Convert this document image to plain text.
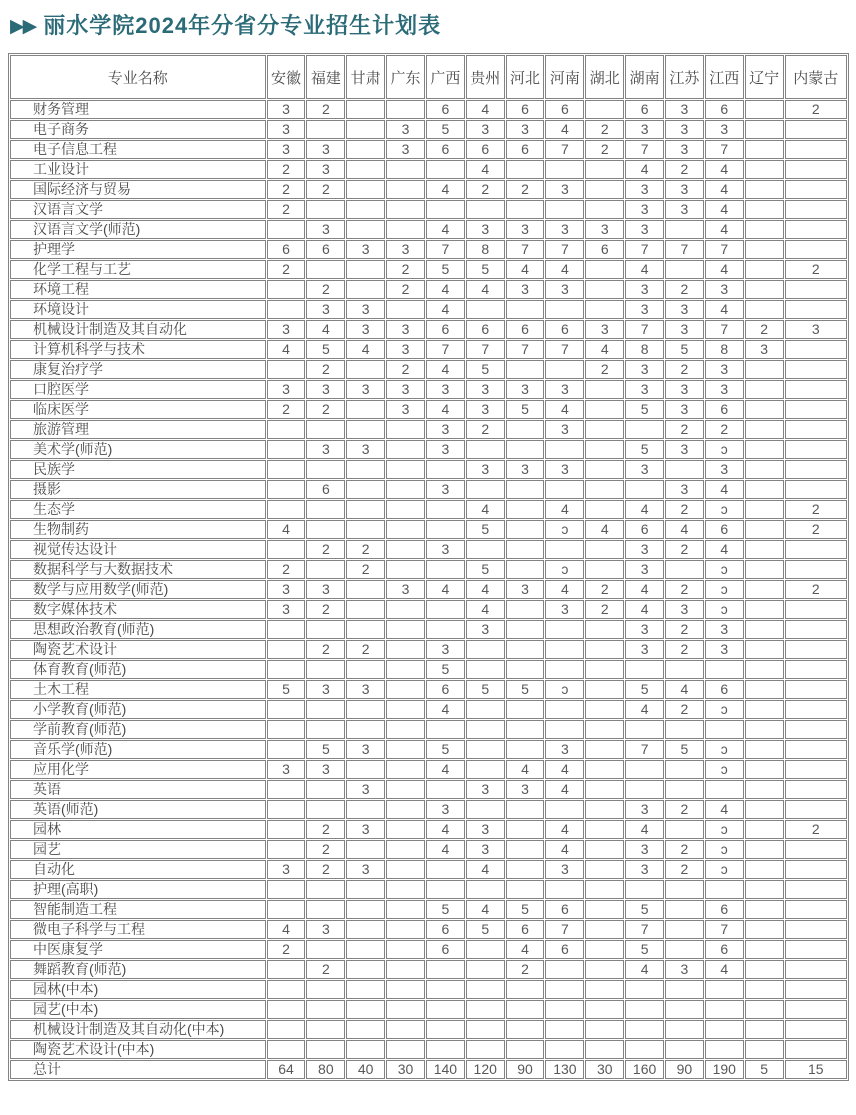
▶▶ 丽水学院2024年分省分专业招生计划表
专业名称	安徽	福建	甘肃	广东	广西	贵州	河北	河南	湖北	湖南	江苏	江西	辽宁	内蒙古
财务管理	3	2			6	4	6	6		6	3	6		2
电子商务	3			3	5	3	3	4	2	3	3	3		
电子信息工程	3	3		3	6	6	6	7	2	7	3	7		
工业设计	2	3				4				4	2	4		
国际经济与贸易	2	2			4	2	2	3		3	3	4		
汉语言文学	2									3	3	4		
汉语言文学(师范)		3			4	3	3	3	3	3		4		
护理学	6	6	3	3	7	8	7	7	6	7	7	7		
化学工程与工艺	2			2	5	5	4	4		4		4		2
环境工程		2		2	4	4	3	3		3	2	3		
环境设计		3	3		4					3	3	4		
机械设计制造及其自动化	3	4	3	3	6	6	6	6	3	7	3	7	2	3
计算机科学与技术	4	5	4	3	7	7	7	7	4	8	5	8	3	
康复治疗学		2		2	4	5			2	3	2	3		
口腔医学	3	3	3	3	3	3	3	3		3	3	3		
临床医学	2	2		3	4	3	5	4		5	3	6		
旅游管理					3	2		3			2	2		
美术学(师范)		3	3		3					5	3	ɔ		
民族学						3	3	3		3		3		
摄影		6			3						3	4		
生态学						4		4		4	2	ɔ		2
生物制药	4					5		ɔ	4	6	4	6		2
视觉传达设计		2	2		3					3	2	4		
数据科学与大数据技术	2		2			5		ɔ		3		ɔ		
数学与应用数学(师范)	3	3		3	4	4	3	4	2	4	2	ɔ		2
数字媒体技术	3	2				4		3	2	4	3	ɔ		
思想政治教育(师范)						3				3	2	3		
陶瓷艺术设计		2	2		3					3	2	3		
体育教育(师范)					5									
土木工程	5	3	3		6	5	5	ɔ		5	4	6		
小学教育(师范)					4					4	2	ɔ		
学前教育(师范)														
音乐学(师范)		5	3		5			3		7	5	ɔ		
应用化学	3	3			4		4	4				ɔ		
英语			3			3	3	4						
英语(师范)					3					3	2	4		
园林		2	3		4	3		4		4		ɔ		2
园艺		2			4	3		4		3	2	ɔ		
自动化	3	2	3			4		3		3	2	ɔ		
护理(高职)														
智能制造工程					5	4	5	6		5		6		
微电子科学与工程	4	3			6	5	6	7		7		7		
中医康复学	2				6		4	6		5		6		
舞蹈教育(师范)		2					2			4	3	4		
园林(中本)														
园艺(中本)														
机械设计制造及其自动化(中本)														
陶瓷艺术设计(中本)														
总计	64	80	40	30	140	120	90	130	30	160	90	190	5	15
